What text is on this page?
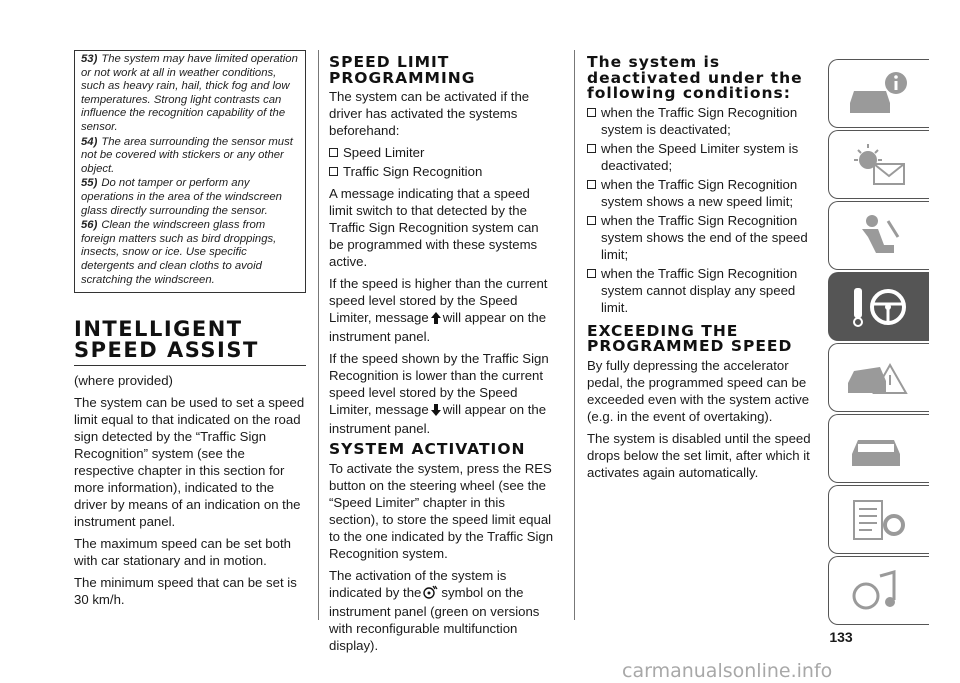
53) The system may have limited operation or not work at all in weather conditions, such as heavy rain, hail, thick fog and low temperatures. Strong light contrasts can influence the recognition capability of the sensor.

54) The area surrounding the sensor must not be covered with stickers or any other object.

55) Do not tamper or perform any operations in the area of the windscreen glass directly surrounding the sensor.

56) Clean the windscreen glass from foreign matters such as bird droppings, insects, snow or ice. Use specific detergents and clean cloths to avoid scratching the windscreen.

INTELLIGENT SPEED ASSIST

(where provided)

The system can be used to set a speed limit equal to that indicated on the road sign detected by the “Traffic Sign Recognition” system (see the respective chapter in this section for more information), indicated to the driver by means of an indication on the instrument panel.

The maximum speed can be set both with car stationary and in motion.

The minimum speed that can be set is 30 km/h.

SPEED LIMIT PROGRAMMING

The system can be activated if the driver has activated the systems beforehand:

Speed Limiter
Traffic Sign Recognition

A message indicating that a speed limit switch to that detected by the Traffic Sign Recognition system can be programmed with these systems active.

If the speed is higher than the current speed level stored by the Speed Limiter, message will appear on the instrument panel.

If the speed shown by the Traffic Sign Recognition is lower than the current speed level stored by the Speed Limiter, message will appear on the instrument panel.

SYSTEM ACTIVATION

To activate the system, press the RES button on the steering wheel (see the “Speed Limiter” chapter in this section), to store the speed limit equal to the one indicated by the Traffic Sign Recognition system.

The activation of the system is indicated by the symbol on the instrument panel (green on versions with reconfigurable multifunction display).

The system is deactivated under the following conditions:
when the Traffic Sign Recognition system is deactivated;
when the Speed Limiter system is deactivated;
when the Traffic Sign Recognition system shows a new speed limit;
when the Traffic Sign Recognition system shows the end of the speed limit;
when the Traffic Sign Recognition system cannot display any speed limit.
EXCEEDING THE PROGRAMMED SPEED

By fully depressing the accelerator pedal, the programmed speed can be exceeded even with the system active (e.g. in the event of overtaking).

The system is disabled until the speed drops below the set limit, after which it activates again automatically.

133
carmanualsonline.info
